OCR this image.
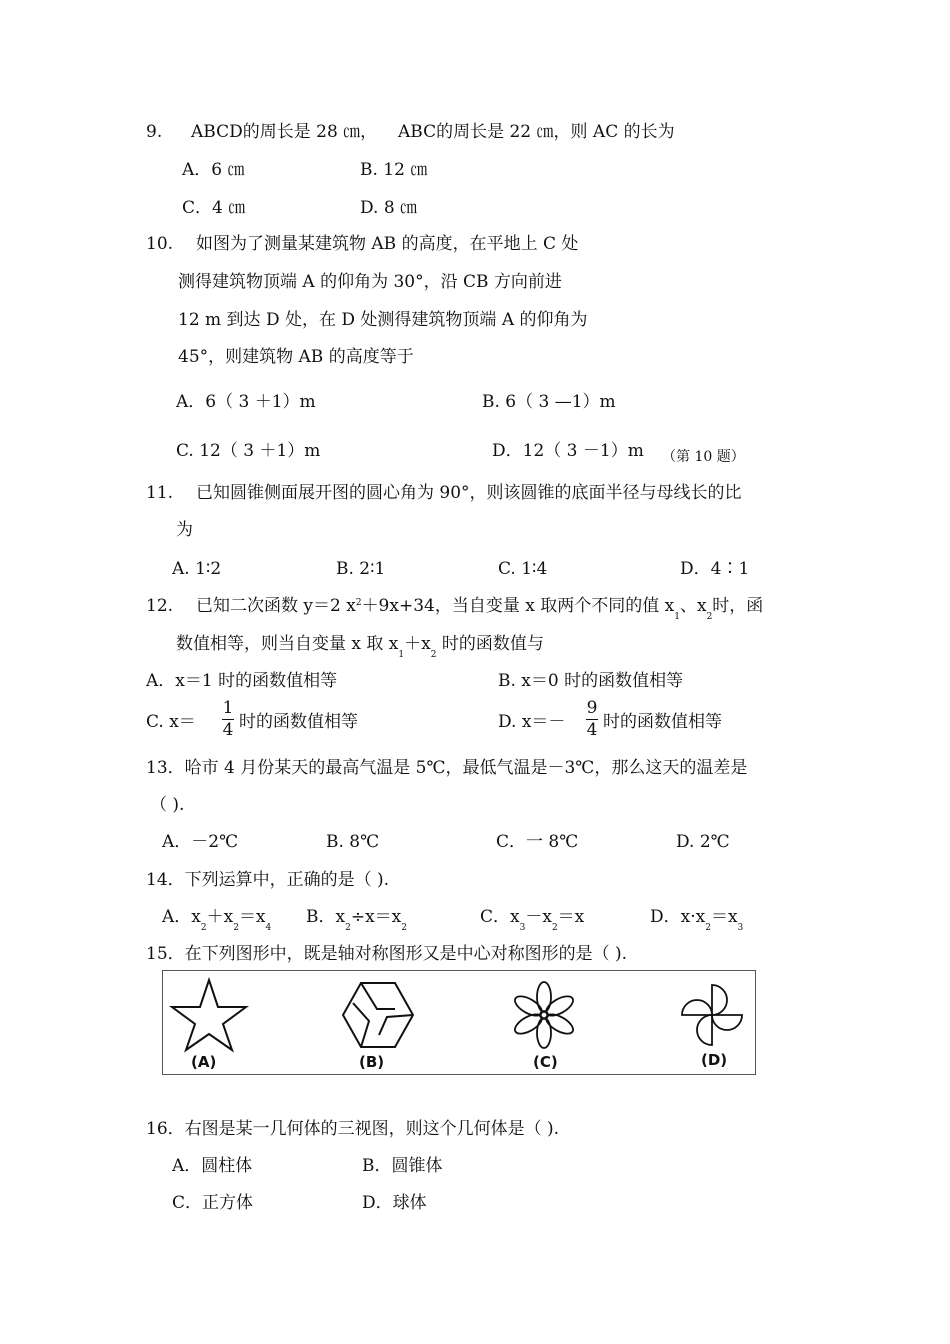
9. ABCD的周长是 28 ㎝， ABC的周长是 22 ㎝，则 AC 的长为
A．6 ㎝	B. 12 ㎝
C．4 ㎝	D. 8 ㎝
10. 如图为了测量某建筑物 AB 的高度，在平地上 C 处
测得建筑物顶端 A 的仰角为 30°，沿 CB 方向前进
12 m 到达 D 处，在 D 处测得建筑物顶端 A 的仰角为
45°，则建筑物 AB 的高度等于
A．6（ 3 ＋1）m	B. 6（ 3 —1）m
C. 12（ 3 ＋1）m	D．12（ 3 －1）m （第 10 题）
11. 已知圆锥侧面展开图的圆心角为 90°，则该圆锥的底面半径与母线长的比
为
A. 1∶2	B. 2∶1	C. 1∶4	D．4∶1
12. 已知二次函数 y＝2 $x^2+9x+34$，当自变量 x 取两个不同的值 $x_1$、$x_2$时，函
数值相等，则当自变量 x 取 $x_1+x_2$ 时的函数值与
A．x＝1 时的函数值相等	B. x＝0 时的函数值相等
C. x＝
1
4 时的函数值相等	D. x＝－
9
4 时的函数值相等
13．哈市 4 月份某天的最高气温是 5℃，最低气温是－3℃，那么这天的温差是
（ ).
A．－2℃	B. 8℃	C．一 8℃	D. 2℃
14．下列运算中，正确的是（ ).
A．$x_2+x_2=x_4$
B．$x_2\div x=x_2$
C．$x_3-x_2=x$	D．$x\cdot x_2=x_3$
15．在下列图形中，既是轴对称图形又是中心对称图形的是（ ).
(A)	(B)	(C)	(D)
16．右图是某一几何体的三视图，则这个几何体是（ ).
A．圆柱体	B．圆锥体
C．正方体	D．球体
